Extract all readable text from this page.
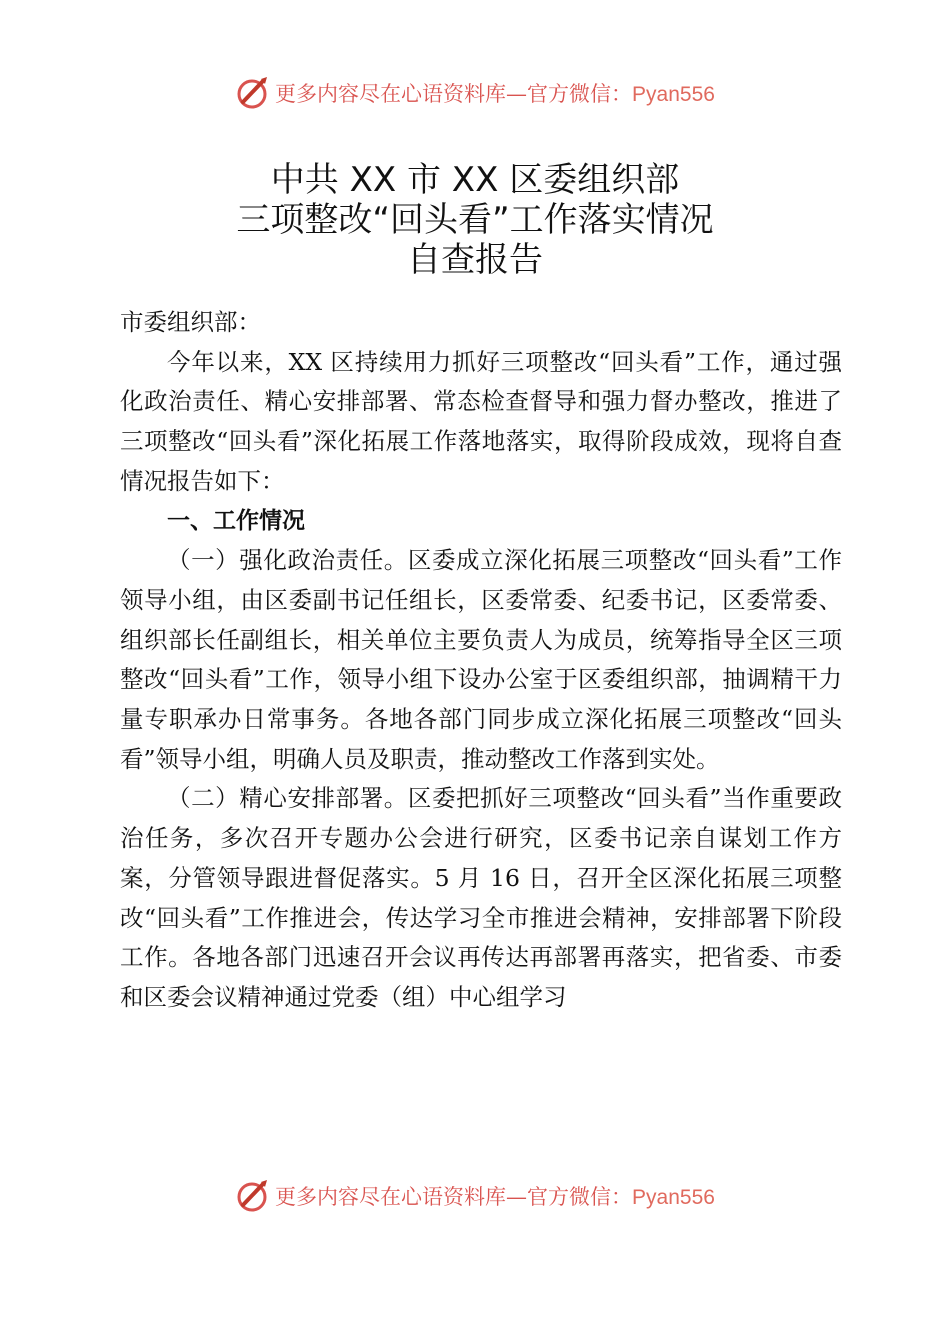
更多内容尽在心语资料库—官方微信：Pyan556
中共 XX 市 XX 区委组织部
三项整改“回头看”工作落实情况
自查报告
市委组织部：
今年以来，XX 区持续用力抓好三项整改“回头看”工作，通过强化政治责任、精心安排部署、常态检查督导和强力督办整改，推进了三项整改“回头看”深化拓展工作落地落实，取得阶段成效，现将自查情况报告如下：
一、工作情况
（一）强化政治责任。区委成立深化拓展三项整改“回头看”工作领导小组，由区委副书记任组长，区委常委、纪委书记，区委常委、组织部长任副组长，相关单位主要负责人为成员，统筹指导全区三项整改“回头看”工作，领导小组下设办公室于区委组织部，抽调精干力量专职承办日常事务。各地各部门同步成立深化拓展三项整改“回头看”领导小组，明确人员及职责，推动整改工作落到实处。
（二）精心安排部署。区委把抓好三项整改“回头看”当作重要政治任务，多次召开专题办公会进行研究，区委书记亲自谋划工作方案，分管领导跟进督促落实。5 月 16 日，召开全区深化拓展三项整改“回头看”工作推进会，传达学习全市推进会精神，安排部署下阶段工作。各地各部门迅速召开会议再传达再部署再落实，把省委、市委和区委会议精神通过党委（组）中心组学习
更多内容尽在心语资料库—官方微信：Pyan556
